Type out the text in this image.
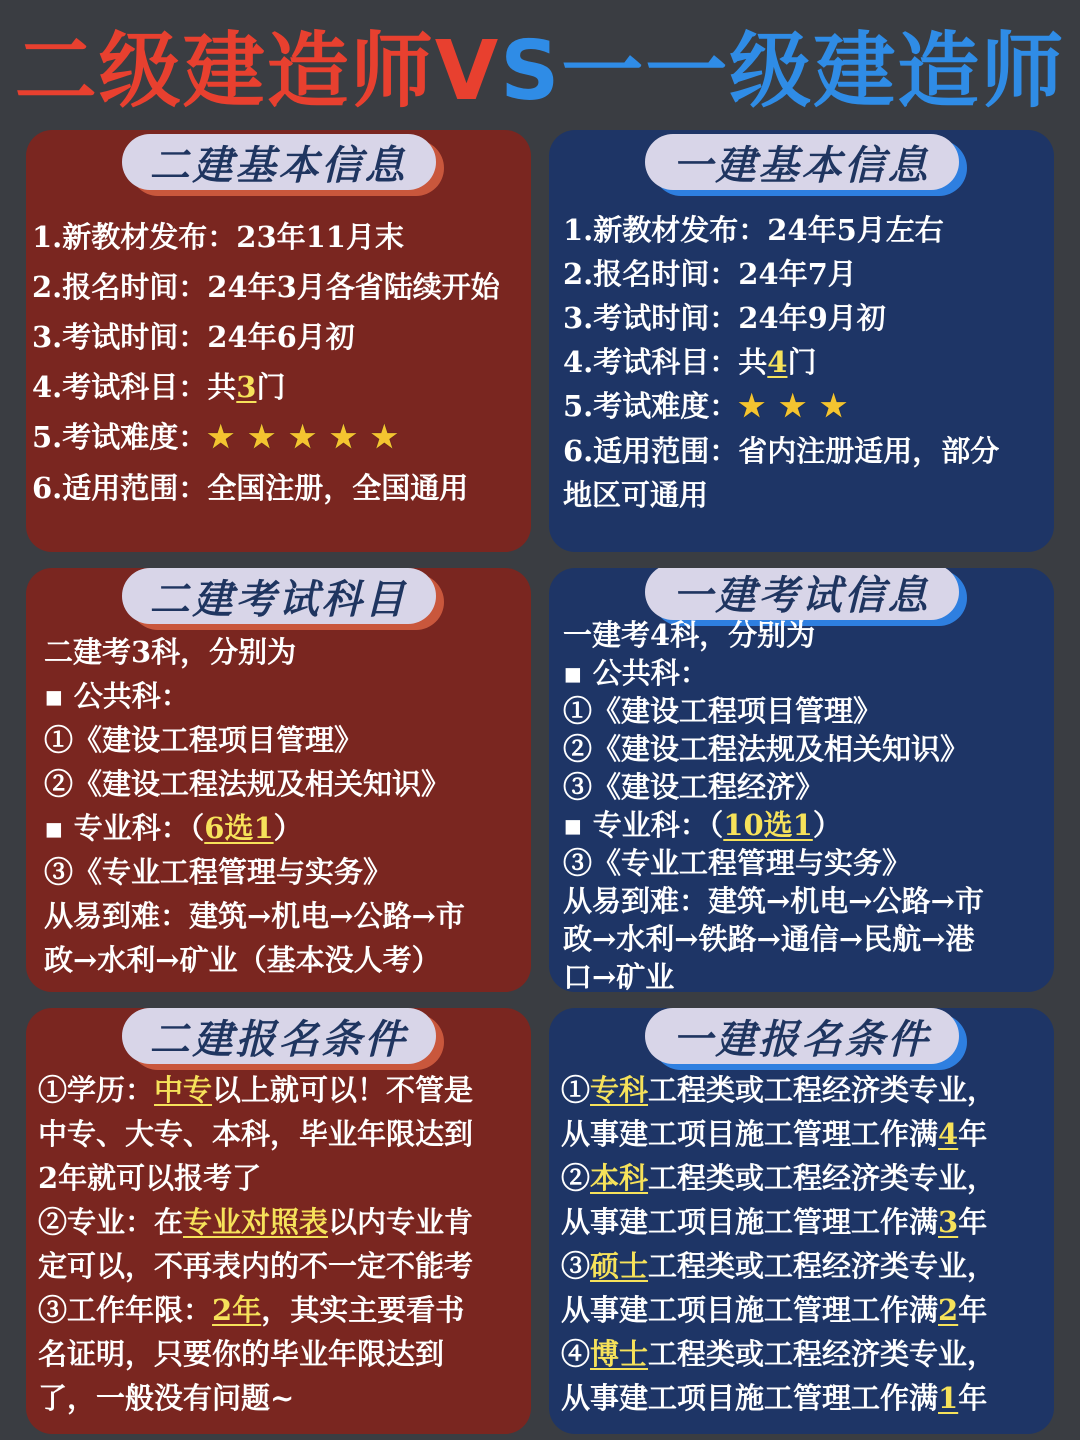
二级建造师VS一一级建造师
二建基本信息
1.新教材发布：23年11月末
2.报名时间：24年3月各省陆续开始
3.考试时间：24年6月初
4.考试科目：共3门
5.考试难度：★ ★ ★ ★ ★
6.适用范围：全国注册，全国通用
一建基本信息
1.新教材发布：24年5月左右
2.报名时间：24年7月
3.考试时间：24年9月初
4.考试科目：共4门
5.考试难度：★ ★ ★
6.适用范围：省内注册适用，部分
地区可通用
二建考试科目
二建考3科，分别为
▪ 公共科：
①《建设工程项目管理》
②《建设工程法规及相关知识》
▪ 专业科：（6选1）
③《专业工程管理与实务》
从易到难：建筑→机电→公路→市
政→水利→矿业（基本没人考）
一建考试信息
一建考4科，分别为
▪ 公共科：
①《建设工程项目管理》
②《建设工程法规及相关知识》
③《建设工程经济》
▪ 专业科：（10选1）
③《专业工程管理与实务》
从易到难：建筑→机电→公路→市
政→水利→铁路→通信→民航→港
口→矿业
二建报名条件
①学历：中专以上就可以！不管是
中专、大专、本科，毕业年限达到
2年就可以报考了
②专业：在专业对照表以内专业肯
定可以，不再表内的不一定不能考
③工作年限：2年，其实主要看书
名证明，只要你的毕业年限达到
了，一般没有问题~
一建报名条件
①专科工程类或工程经济类专业，
从事建工项目施工管理工作满4年
②本科工程类或工程经济类专业，
从事建工项目施工管理工作满3年
③硕士工程类或工程经济类专业，
从事建工项目施工管理工作满2年
④博士工程类或工程经济类专业，
从事建工项目施工管理工作满1年
